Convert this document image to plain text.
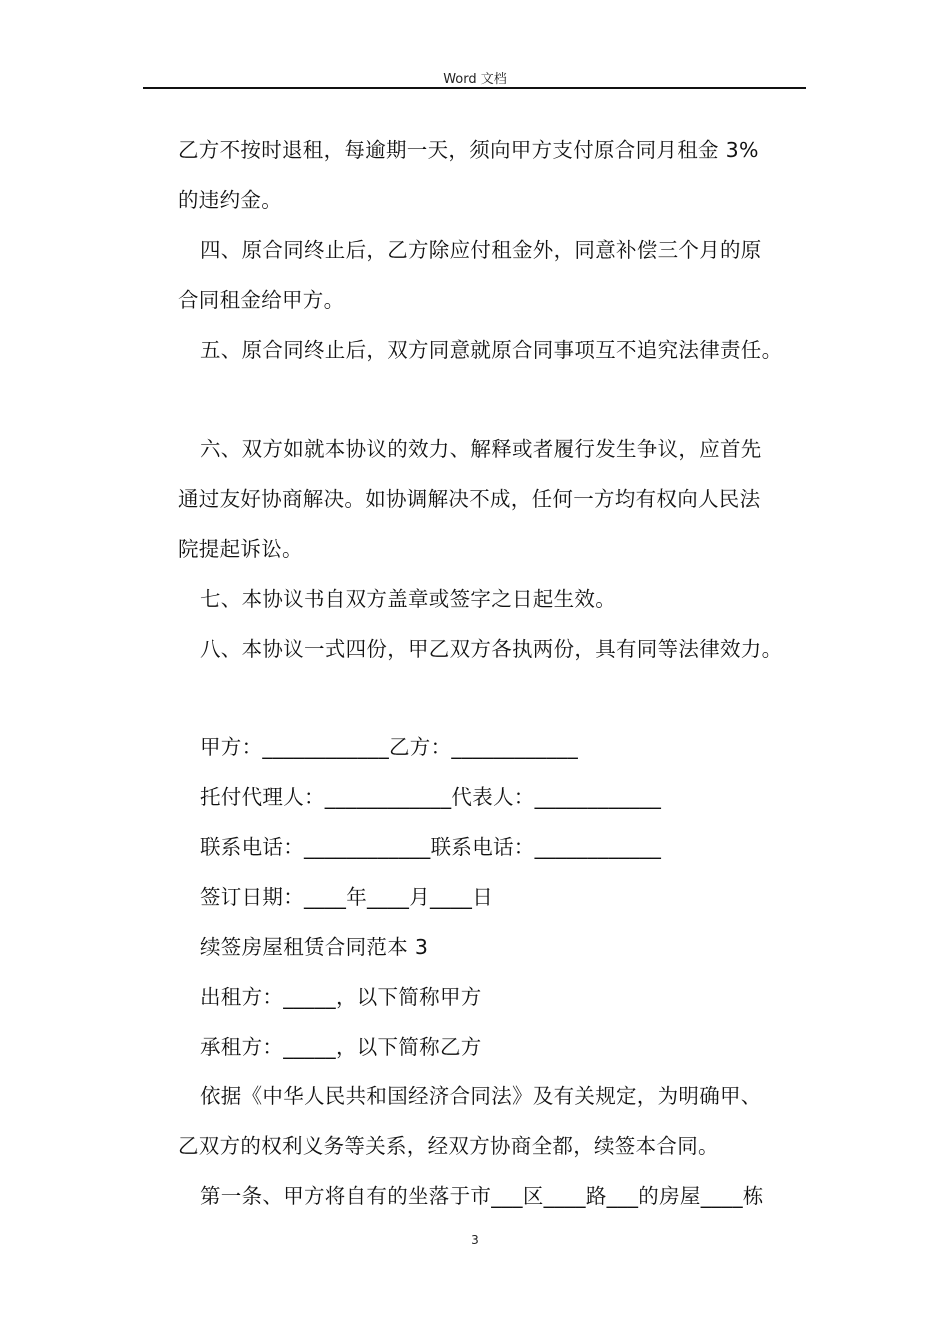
Word 文档
乙方不按时退租，每逾期一天，须向甲方支付原合同月租金 3%
的违约金。
四、原合同终止后，乙方除应付租金外，同意补偿三个月的原
合同租金给甲方。
五、原合同终止后，双方同意就原合同事项互不追究法律责任。
六、双方如就本协议的效力、解释或者履行发生争议，应首先
通过友好协商解决。如协调解决不成，任何一方均有权向人民法
院提起诉讼。
七、本协议书自双方盖章或签字之日起生效。
八、本协议一式四份，甲乙双方各执两份，具有同等法律效力。
甲方：____________乙方：____________
托付代理人：____________代表人：____________
联系电话：____________联系电话：____________
签订日期：____年____月____日
续签房屋租赁合同范本 3
出租方：_____，以下简称甲方
承租方：_____，以下简称乙方
依据《中华人民共和国经济合同法》及有关规定，为明确甲、
乙双方的权利义务等关系，经双方协商全都，续签本合同。
第一条、甲方将自有的坐落于市___区____路___的房屋____栋
3
